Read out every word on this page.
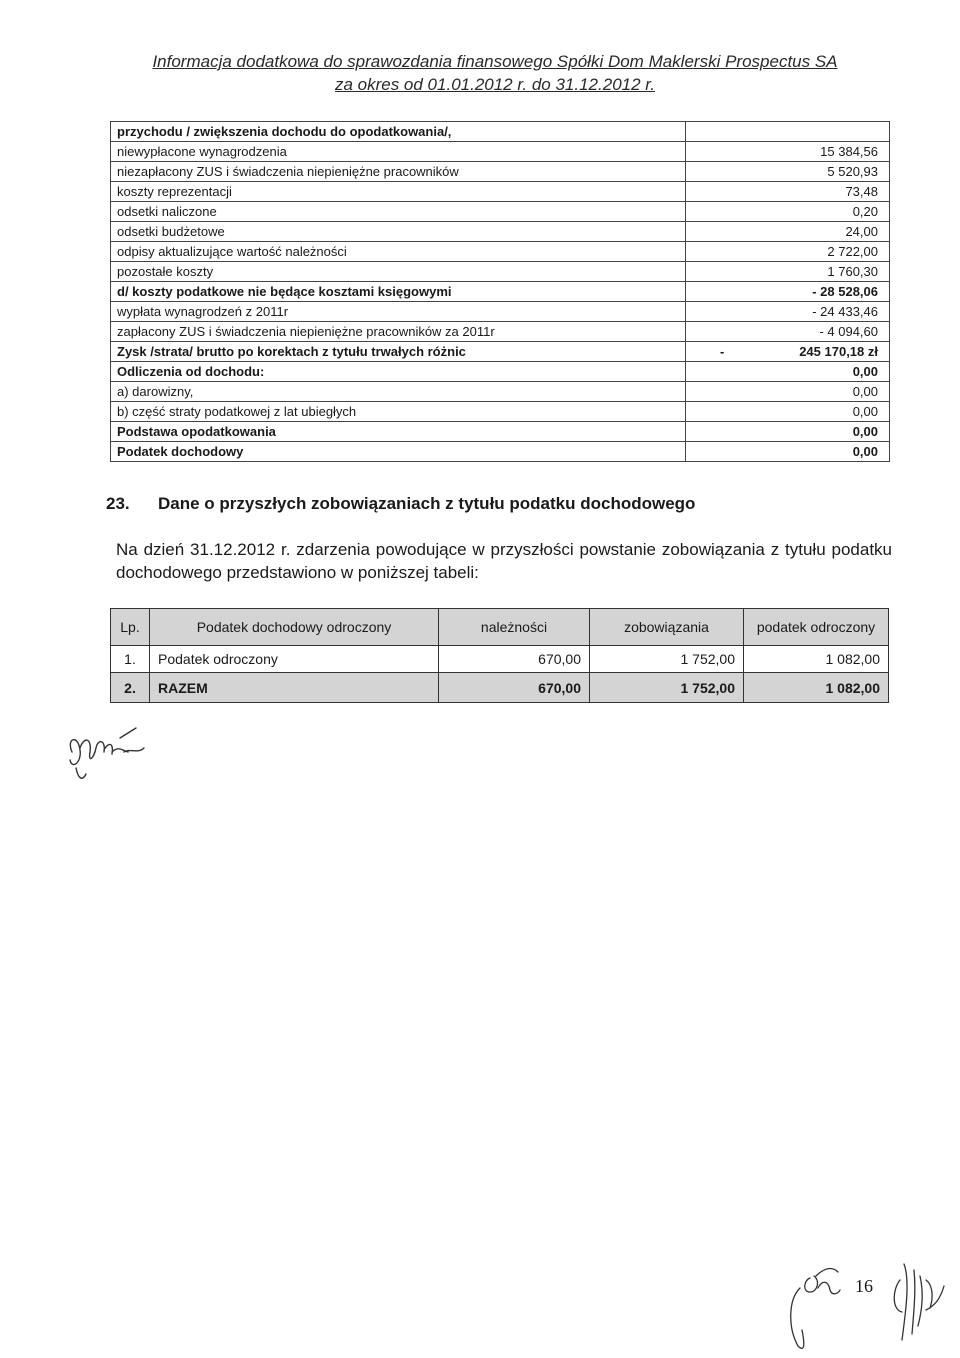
Informacja dodatkowa do sprawozdania finansowego Spółki Dom Maklerski Prospectus SA
za okres od 01.01.2012 r. do 31.12.2012 r.
przychodu / zwiększenia dochodu do opodatkowania/,	
niewypłacone wynagrodzenia	15 384,56
niezapłacony ZUS i świadczenia niepieniężne pracowników	5 520,93
koszty reprezentacji	73,48
odsetki naliczone	0,20
odsetki budżetowe	24,00
odpisy aktualizujące wartość należności	2 722,00
pozostałe koszty	1 760,30
d/ koszty podatkowe nie będące kosztami księgowymi	- 28 528,06
wypłata wynagrodzeń z 2011r	- 24 433,46
zapłacony ZUS i świadczenia niepieniężne pracowników za 2011r	- 4 094,60
Zysk /strata/ brutto po korektach z tytułu trwałych różnic	- 245 170,18 zł
Odliczenia od dochodu:	0,00
a) darowizny,	0,00
b) część straty podatkowej z lat ubiegłych	0,00
Podstawa opodatkowania	0,00
Podatek dochodowy	0,00
23. Dane o przyszłych zobowiązaniach z tytułu podatku dochodowego
Na dzień 31.12.2012 r. zdarzenia powodujące w przyszłości powstanie zobowiązania z tytułu podatku dochodowego przedstawiono w poniższej tabeli:
Lp.	Podatek dochodowy odroczony	należności	zobowiązania	podatek odroczony
1.	Podatek odroczony	670,00	1 752,00	1 082,00
2.	RAZEM	670,00	1 752,00	1 082,00
16
